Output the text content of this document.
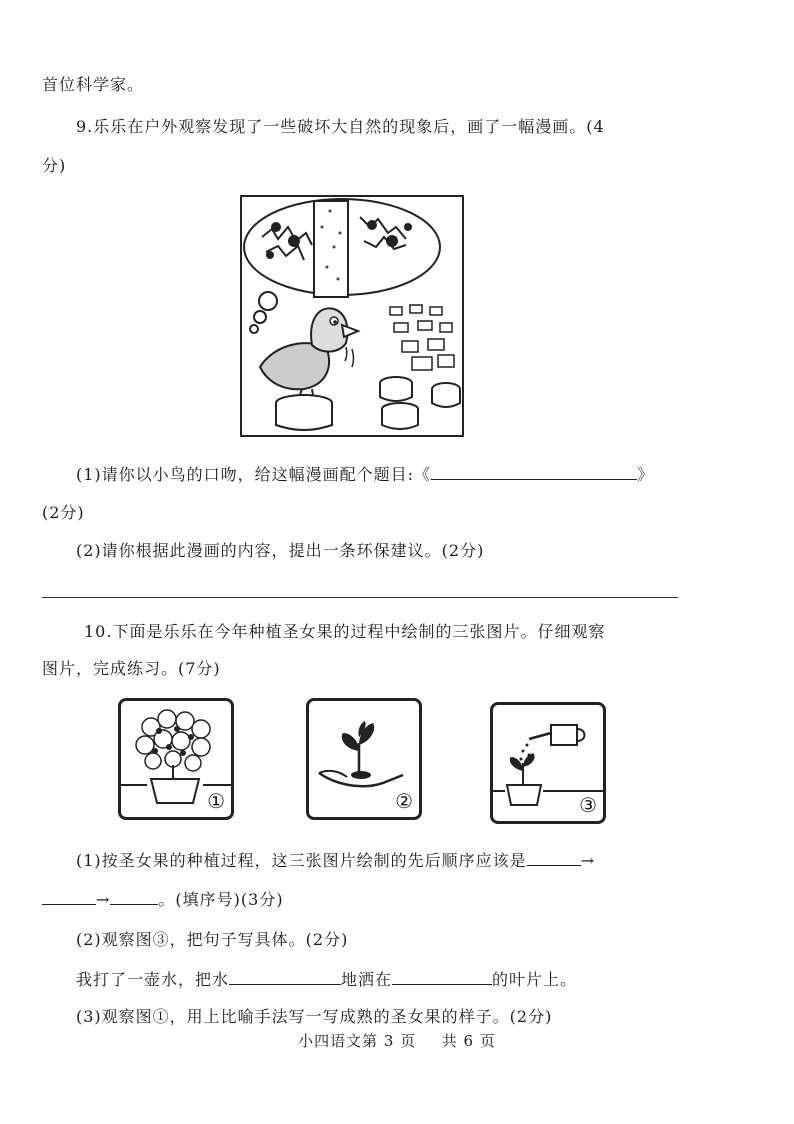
首位科学家。
9.乐乐在户外观察发现了一些破坏大自然的现象后，画了一幅漫画。(4
分)
(1)请你以小鸟的口吻，给这幅漫画配个题目:《	》
(2分)
(2)请你根据此漫画的内容，提出一条环保建议。(2分)
10.下面是乐乐在今年种植圣女果的过程中绘制的三张图片。仔细观察
图片，完成练习。(7分)
①	②	③
(1)按圣女果的种植过程，这三张图片绘制的先后顺序应该是	→
→	。(填序号)(3分)
(2)观察图③，把句子写具体。(2分)
我打了一壶水，把水	地洒在	的叶片上。
(3)观察图①，用上比喻手法写一写成熟的圣女果的样子。(2分)
小四语文第 3 页 共 6 页
